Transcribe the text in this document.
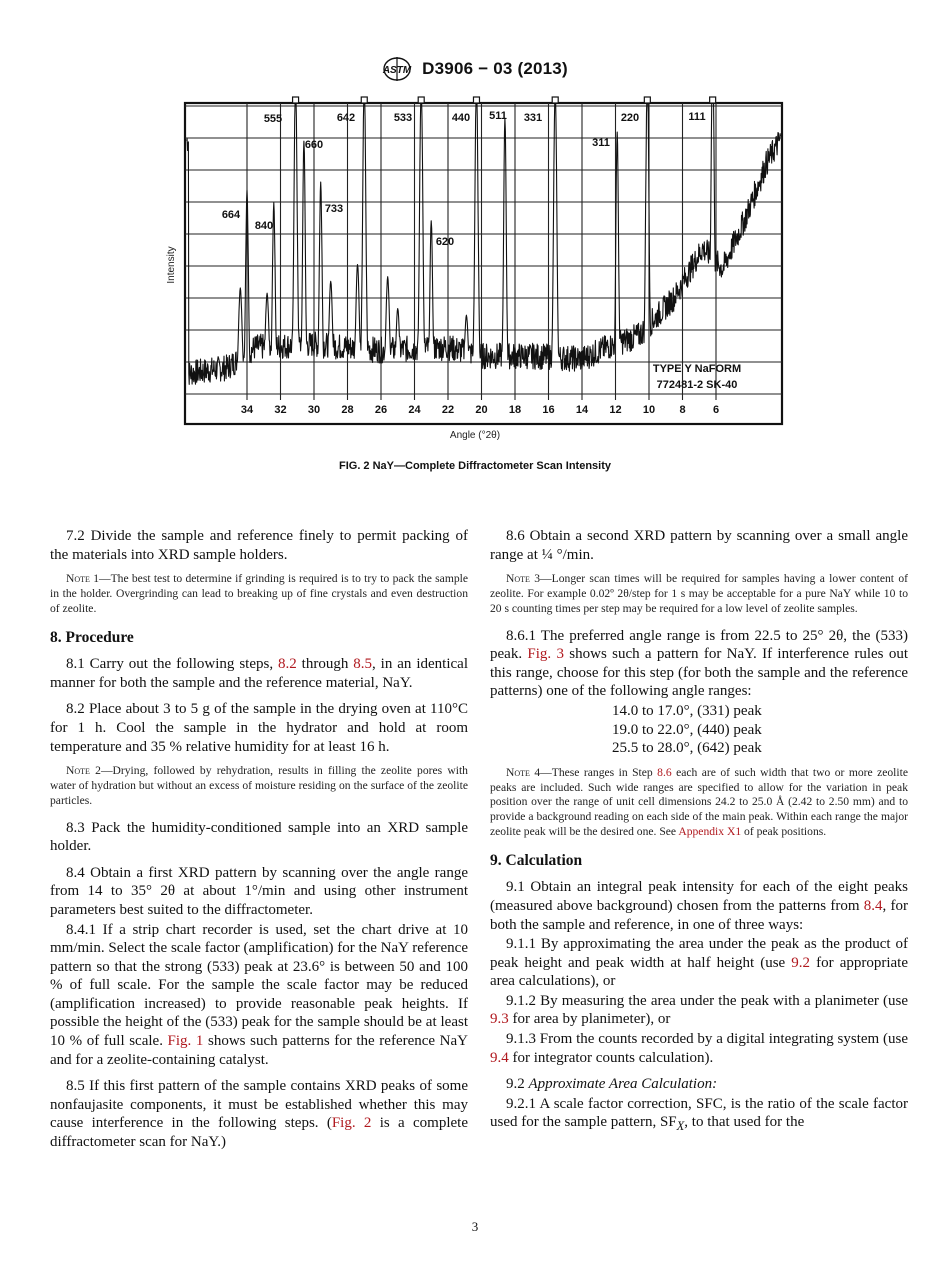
ASTM D3906 − 03 (2013)
34 32 30 28 26 24 22 20 18 16 14 12 10 8 6
664
840
555
660
733
642	533
620
440 511 331
311
220	111
TYPE Y NaFORM
772481-2 SK-40
Intensity
Angle (°2θ)
FIG. 2 NaY—Complete Diffractometer Scan Intensity

7.2 Divide the sample and reference finely to permit packing of the materials into XRD sample holders.

Note 1—The best test to determine if grinding is required is to try to pack the sample in the holder. Overgrinding can lead to breaking up of fine crystals and even destruction of zeolite.

8. Procedure

8.1 Carry out the following steps, 8.2 through 8.5, in an identical manner for both the sample and the reference material, NaY.

8.2 Place about 3 to 5 g of the sample in the drying oven at 110°C for 1 h. Cool the sample in the hydrator and hold at room temperature and 35 % relative humidity for at least 16 h.

Note 2—Drying, followed by rehydration, results in filling the zeolite pores with water of hydration but without an excess of moisture residing on the surface of the zeolite particles.

8.3 Pack the humidity-conditioned sample into an XRD sample holder.

8.4 Obtain a first XRD pattern by scanning over the angle range from 14 to 35° 2θ at about 1°/min and using other instrument parameters best suited to the diffractometer.

8.4.1 If a strip chart recorder is used, set the chart drive at 10 mm/min. Select the scale factor (amplification) for the NaY reference pattern so that the strong (533) peak at 23.6° is between 50 and 100 % of full scale. For the sample the scale factor may be reduced (amplification increased) to provide reasonable peak heights. If possible the height of the (533) peak for the sample should be at least 10 % of full scale. Fig. 1 shows such patterns for the reference NaY and for a zeolite-containing catalyst.

8.5 If this first pattern of the sample contains XRD peaks of some nonfaujasite components, it must be established whether this may cause interference in the following steps. (Fig. 2 is a complete diffractometer scan for NaY.)

8.6 Obtain a second XRD pattern by scanning over a small angle range at ¼ °/min.

Note 3—Longer scan times will be required for samples having a lower content of zeolite. For example 0.02º 2θ/step for 1 s may be acceptable for a pure NaY while 10 to 20 s counting times per step may be required for a low level of zeolite samples.

8.6.1 The preferred angle range is from 22.5 to 25° 2θ, the (533) peak. Fig. 3 shows such a pattern for NaY. If interference rules out this range, choose for this step (for both the sample and the reference patterns) one of the following angle ranges:

14.0 to 17.0°, (331) peak
19.0 to 22.0°, (440) peak
25.5 to 28.0°, (642) peak

Note 4—These ranges in Step 8.6 each are of such width that two or more zeolite peaks are included. Such wide ranges are specified to allow for the variation in peak position over the range of unit cell dimensions 24.2 to 25.0 Å (2.42 to 2.50 mm) and to provide a background reading on each side of the main peak. Within each range the major zeolite peak will be the desired one. See Appendix X1 of peak positions.

9. Calculation

9.1 Obtain an integral peak intensity for each of the eight peaks (measured above background) chosen from the patterns from 8.4, for both the sample and reference, in one of three ways:

9.1.1 By approximating the area under the peak as the product of peak height and peak width at half height (use 9.2 for appropriate area calculations), or

9.1.2 By measuring the area under the peak with a planimeter (use 9.3 for area by planimeter), or

9.1.3 From the counts recorded by a digital integrating system (use 9.4 for integrator counts calculation).

9.2 Approximate Area Calculation:

9.2.1 A scale factor correction, SFC, is the ratio of the scale factor used for the sample pattern, $SF_X$, to that used for the

3
